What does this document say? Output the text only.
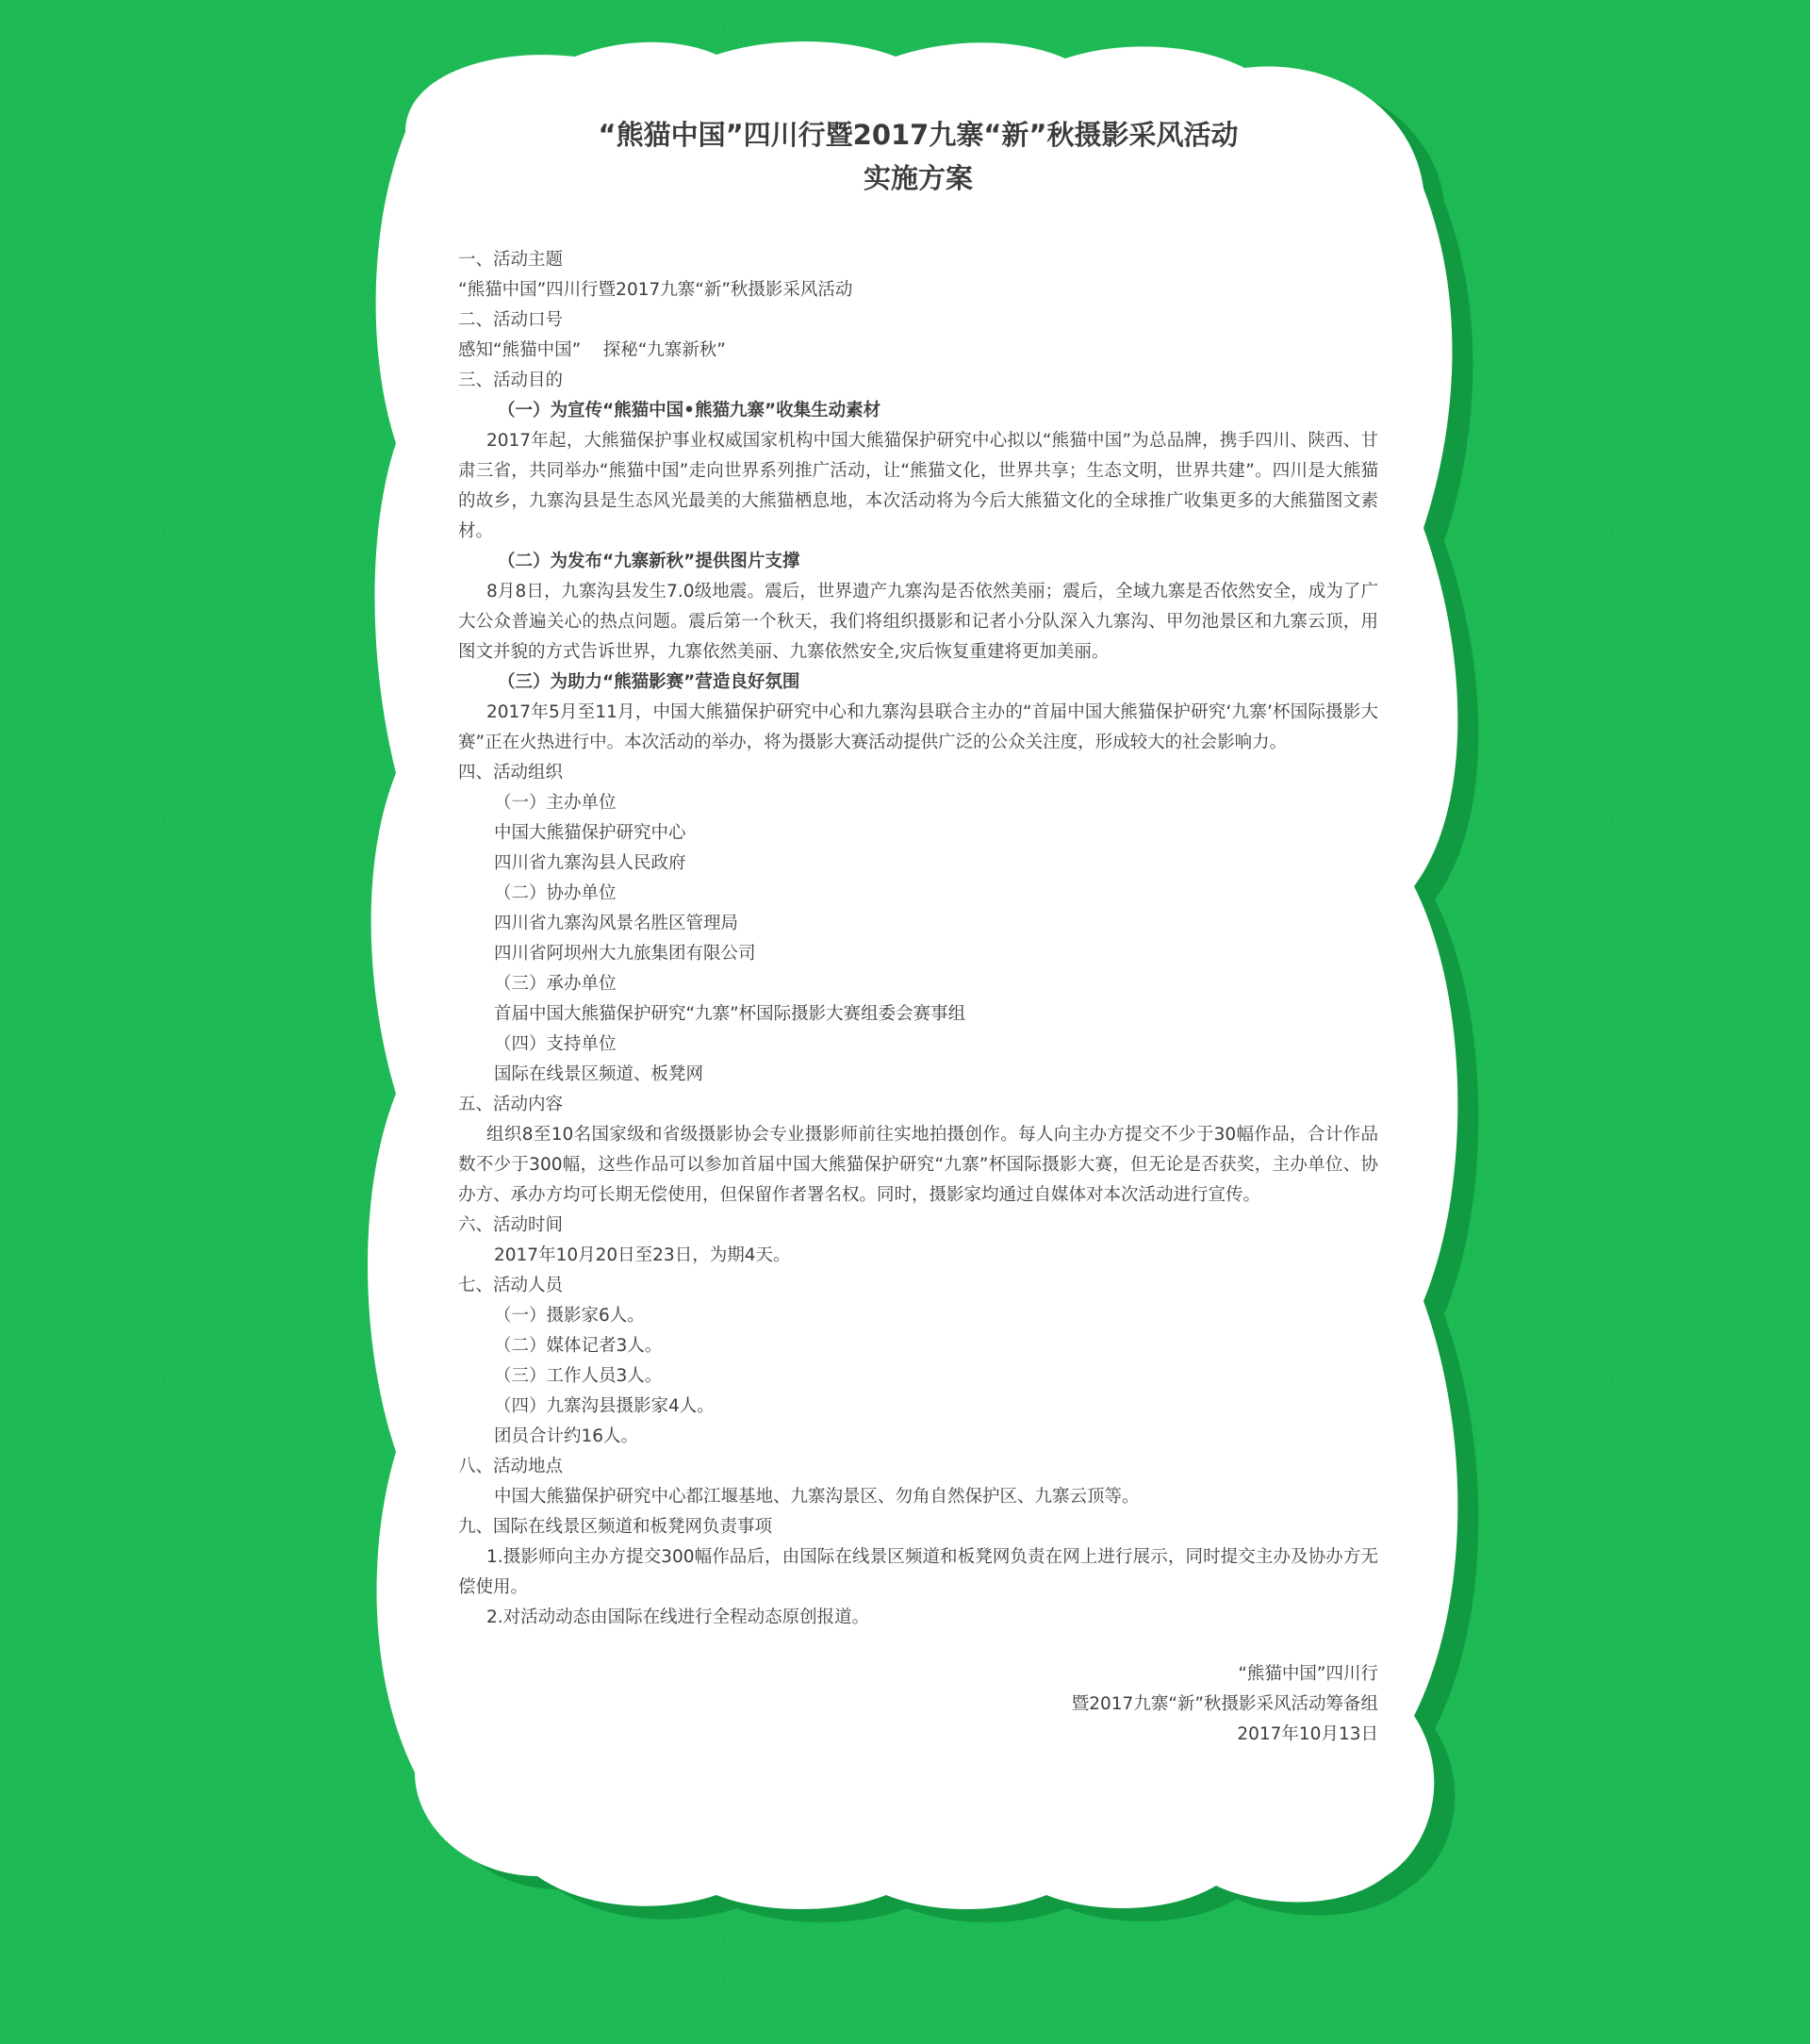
“熊猫中国”四川行暨2017九寨“新”秋摄影采风活动

实施方案

一、活动主题

“熊猫中国”四川行暨2017九寨“新”秋摄影采风活动

二、活动口号

感知“熊猫中国”    探秘“九寨新秋”

三、活动目的

（一）为宣传“熊猫中国•熊猫九寨”收集生动素材

2017年起，大熊猫保护事业权威国家机构中国大熊猫保护研究中心拟以“熊猫中国”为总品牌，携手四川、陕西、甘肃三省，共同举办“熊猫中国”走向世界系列推广活动，让“熊猫文化，世界共享；生态文明，世界共建”。四川是大熊猫的故乡，九寨沟县是生态风光最美的大熊猫栖息地，本次活动将为今后大熊猫文化的全球推广收集更多的大熊猫图文素材。

（二）为发布“九寨新秋”提供图片支撑

8月8日，九寨沟县发生7.0级地震。震后，世界遗产九寨沟是否依然美丽；震后，全域九寨是否依然安全，成为了广大公众普遍关心的热点问题。震后第一个秋天，我们将组织摄影和记者小分队深入九寨沟、甲勿池景区和九寨云顶，用图文并貌的方式告诉世界，九寨依然美丽、九寨依然安全,灾后恢复重建将更加美丽。

（三）为助力“熊猫影赛”营造良好氛围

2017年5月至11月，中国大熊猫保护研究中心和九寨沟县联合主办的“首届中国大熊猫保护研究‘九寨’杯国际摄影大赛”正在火热进行中。本次活动的举办，将为摄影大赛活动提供广泛的公众关注度，形成较大的社会影响力。

四、活动组织

（一）主办单位

中国大熊猫保护研究中心

四川省九寨沟县人民政府

（二）协办单位

四川省九寨沟风景名胜区管理局

四川省阿坝州大九旅集团有限公司

（三）承办单位

首届中国大熊猫保护研究“九寨”杯国际摄影大赛组委会赛事组

（四）支持单位

国际在线景区频道、板凳网

五、活动内容

组织8至10名国家级和省级摄影协会专业摄影师前往实地拍摄创作。每人向主办方提交不少于30幅作品，合计作品数不少于300幅，这些作品可以参加首届中国大熊猫保护研究“九寨”杯国际摄影大赛，但无论是否获奖，主办单位、协办方、承办方均可长期无偿使用，但保留作者署名权。同时，摄影家均通过自媒体对本次活动进行宣传。

六、活动时间

2017年10月20日至23日，为期4天。

七、活动人员

（一）摄影家6人。

（二）媒体记者3人。

（三）工作人员3人。

（四）九寨沟县摄影家4人。

团员合计约16人。

八、活动地点

中国大熊猫保护研究中心都江堰基地、九寨沟景区、勿角自然保护区、九寨云顶等。

九、国际在线景区频道和板凳网负责事项

1.摄影师向主办方提交300幅作品后，由国际在线景区频道和板凳网负责在网上进行展示，同时提交主办及协办方无偿使用。

2.对活动动态由国际在线进行全程动态原创报道。

“熊猫中国”四川行

暨2017九寨“新”秋摄影采风活动筹备组

2017年10月13日
